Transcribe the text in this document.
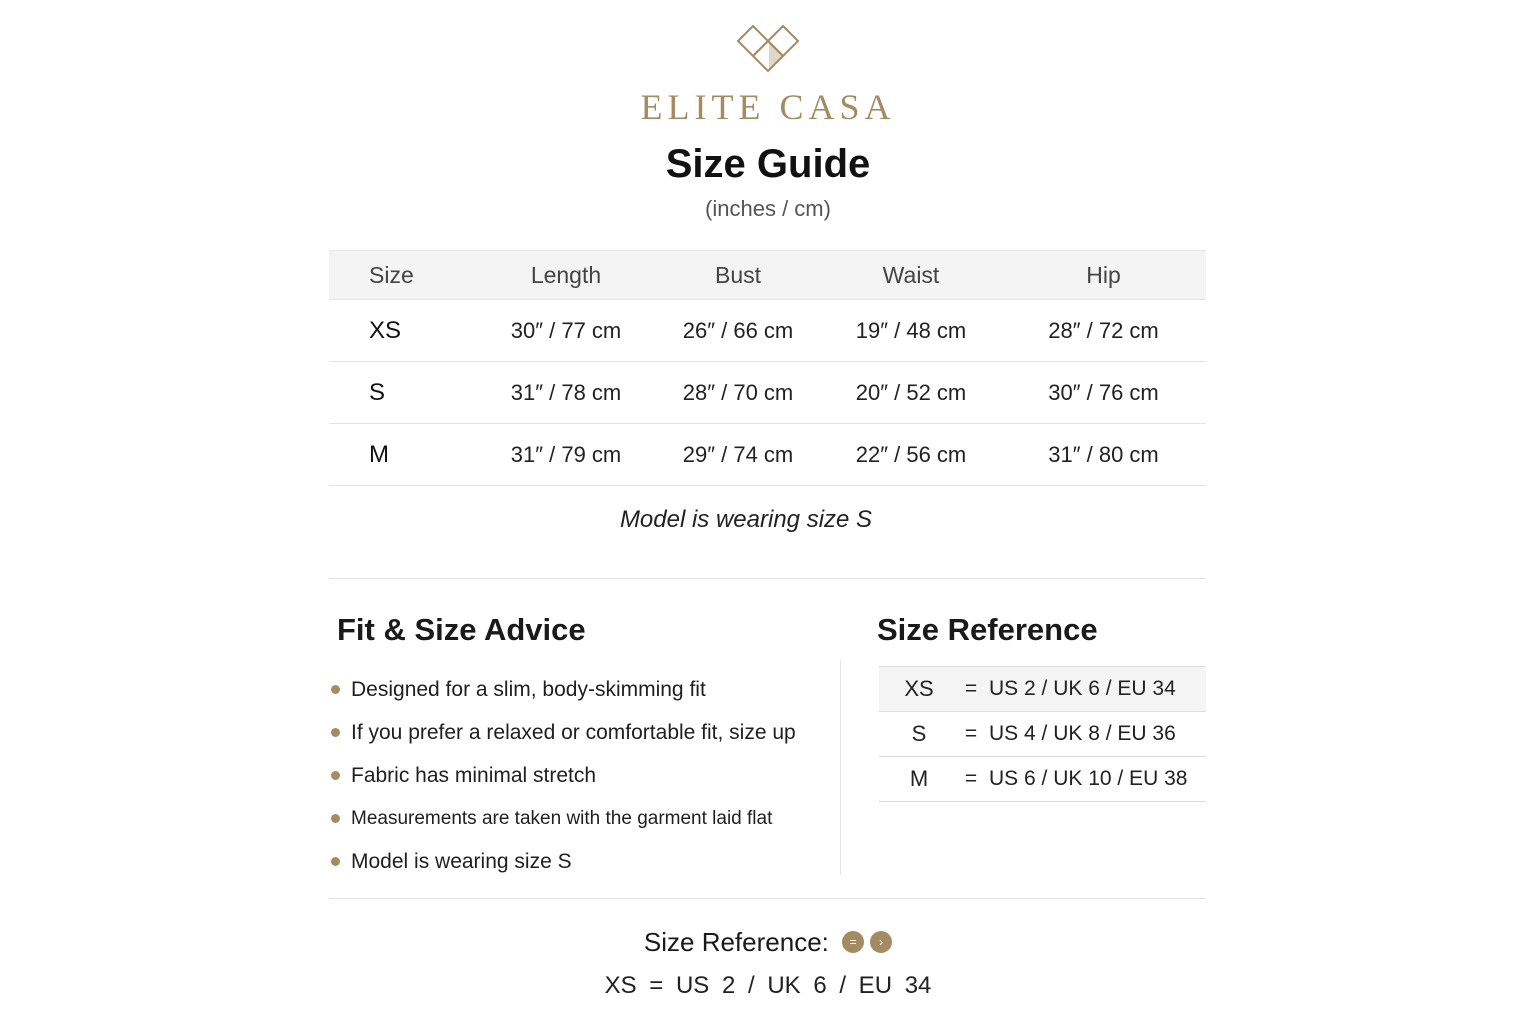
ELITE CASA
Size Guide
(inches / cm)
Size	Length	Bust	Waist	Hip
XS	30″ / 77 cm	26″ / 66 cm	19″ / 48 cm	28″ / 72 cm
S	31″ / 78 cm	28″ / 70 cm	20″ / 52 cm	30″ / 76 cm
M	31″ / 79 cm	29″ / 74 cm	22″ / 56 cm	31″ / 80 cm
Model is wearing size S
Fit & Size Advice
Designed for a slim, body-skimming fit
If you prefer a relaxed or comfortable fit, size up
Fabric has minimal stretch
Measurements are taken with the garment laid flat
Model is wearing size S
Size Reference
XS	=	US 2 / UK 6 / EU 34
S	=	US 4 / UK 8 / EU 36
M	=	US 6 / UK 10 / EU 38
Size Reference: = ›
XS = US 2 / UK 6 / EU 34
